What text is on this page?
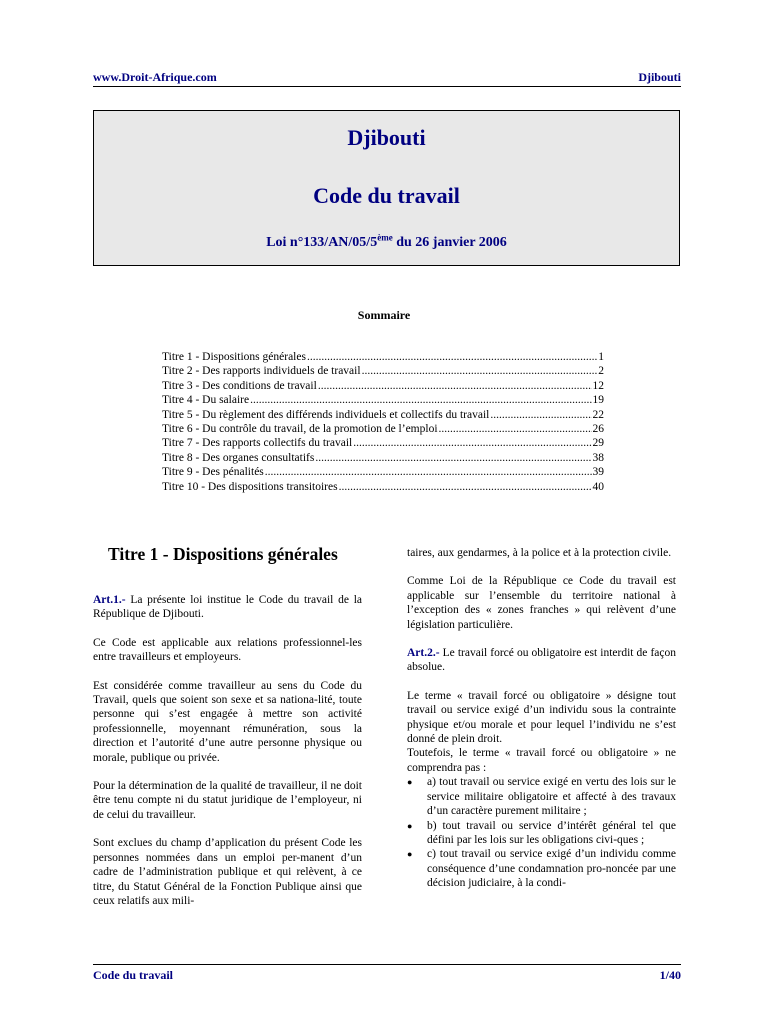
www.Droit-Afrique.com	Djibouti
Djibouti
Code du travail
Loi n°133/AN/05/5ème du 26 janvier 2006
Sommaire
Titre 1 - Dispositions générales .....	1
Titre 2 - Des rapports individuels de travail .....	2
Titre 3 - Des conditions de travail .....	12
Titre 4 - Du salaire .....	19
Titre 5 - Du règlement des différends individuels et collectifs du travail .....	22
Titre 6 - Du contrôle du travail, de la promotion de l’emploi .....	26
Titre 7 - Des rapports collectifs du travail .....	29
Titre 8 - Des organes consultatifs .....	38
Titre 9 - Des pénalités .....	39
Titre 10 - Des dispositions transitoires .....	40
Titre 1 - Dispositions générales

Art.1.- La présente loi institue le Code du travail de la République de Djibouti.

Ce Code est applicable aux relations professionnel-les entre travailleurs et employeurs.

Est considérée comme travailleur au sens du Code du Travail, quels que soient son sexe et sa nationa-lité, toute personne qui s’est engagée à mettre son activité professionnelle, moyennant rémunération, sous la direction et l’autorité d’une autre personne physique ou morale, publique ou privée.

Pour la détermination de la qualité de travailleur, il ne doit être tenu compte ni du statut juridique de l’employeur, ni de celui du travailleur.

Sont exclues du champ d’application du présent Code les personnes nommées dans un emploi per-manent d’un cadre de l’administration publique et qui relèvent, à ce titre, du Statut Général de la Fonction Publique ainsi que ceux relatifs aux mili-

taires, aux gendarmes, à la police et à la protection civile.

Comme Loi de la République ce Code du travail est applicable sur l’ensemble du territoire national à l’exception des « zones franches » qui relèvent d’une législation particulière.

Art.2.- Le travail forcé ou obligatoire est interdit de façon absolue.

Le terme « travail forcé ou obligatoire » désigne tout travail ou service exigé d’un individu sous la contrainte physique et/ou morale et pour lequel l’individu ne s’est donné de plein droit.

Toutefois, le terme « travail forcé ou obligatoire » ne comprendra pas :

●	a) tout travail ou service exigé en vertu des lois sur le service militaire obligatoire et affecté à des travaux d’un caractère purement militaire ;
●	b) tout travail ou service d’intérêt général tel que défini par les lois sur les obligations civi-ques ;
●	c) tout travail ou service exigé d’un individu comme conséquence d’une condamnation pro-noncée par une décision judiciaire, à la condi-
Code du travail	1/40
